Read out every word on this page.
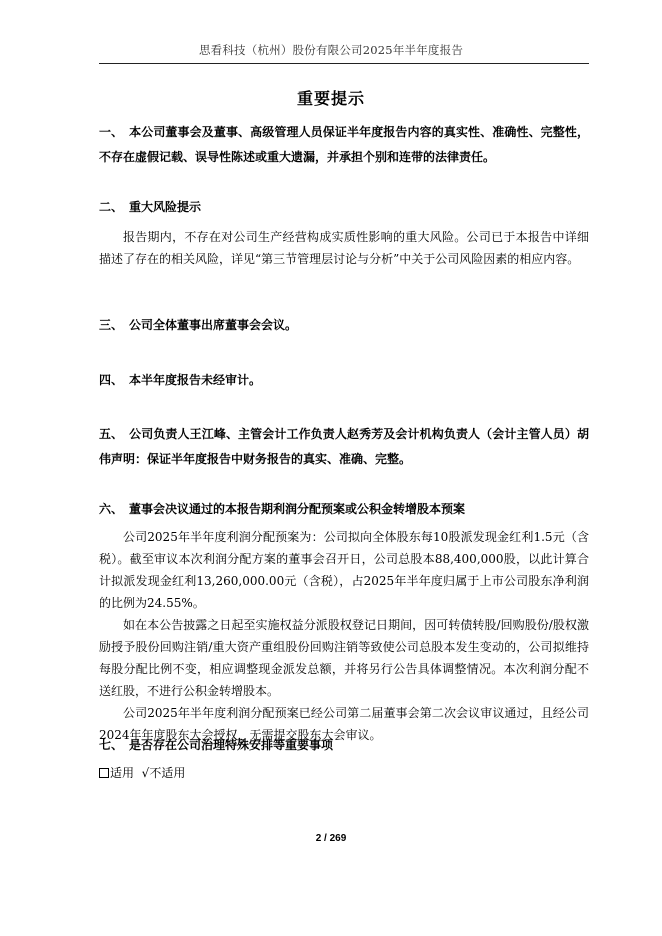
思看科技（杭州）股份有限公司2025年半年度报告
重要提示
一、 本公司董事会及董事、高级管理人员保证半年度报告内容的真实性、准确性、完整性，不存在虚假记载、误导性陈述或重大遗漏，并承担个别和连带的法律责任。
二、 重大风险提示

报告期内，不存在对公司生产经营构成实质性影响的重大风险。公司已于本报告中详细描述了存在的相关风险，详见“第三节管理层讨论与分析”中关于公司风险因素的相应内容。

三、 公司全体董事出席董事会会议。
四、 本半年度报告未经审计。
五、 公司负责人王江峰、主管会计工作负责人赵秀芳及会计机构负责人（会计主管人员）胡伟声明：保证半年度报告中财务报告的真实、准确、完整。
六、 董事会决议通过的本报告期利润分配预案或公积金转增股本预案

公司2025年半年度利润分配预案为：公司拟向全体股东每10股派发现金红利1.5元（含税）。截至审议本次利润分配方案的董事会召开日，公司总股本88,400,000股，以此计算合计拟派发现金红利13,260,000.00元（含税），占2025年半年度归属于上市公司股东净利润的比例为24.55%。

如在本公告披露之日起至实施权益分派股权登记日期间，因可转债转股/回购股份/股权激励授予股份回购注销/重大资产重组股份回购注销等致使公司总股本发生变动的，公司拟维持每股分配比例不变，相应调整现金派发总额，并将另行公告具体调整情况。本次利润分配不送红股，不进行公积金转增股本。

公司2025年半年度利润分配预案已经公司第二届董事会第二次会议审议通过，且经公司2024年年度股东大会授权，无需提交股东大会审议。

七、 是否存在公司治理特殊安排等重要事项

适用 √不适用

2 / 269
